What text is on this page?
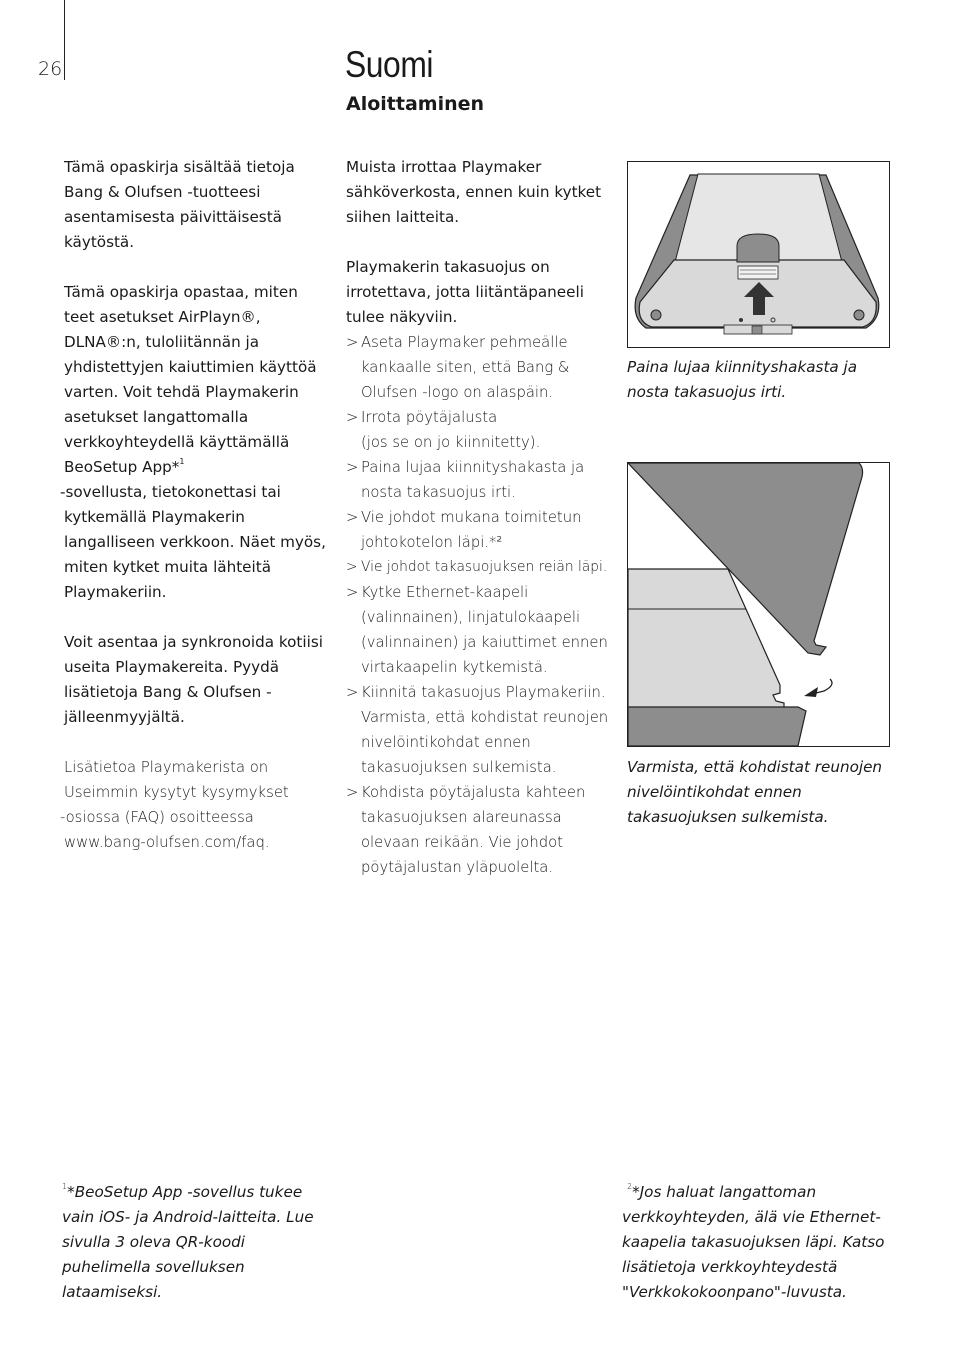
26	Suomi
Aloittaminen

Tämä opaskirja sisältää tietoja Bang & Olufsen -tuotteesi asentamisesta päivittäisestä käytöstä.

Tämä opaskirja opastaa, miten teet asetukset AirPlayn®, DLNA®:n, tuloliitännän ja yhdistettyjen kaiuttimien käyttöä varten. Voit tehdä Playmakerin asetukset langattomalla verkkoyhteydellä käyttämällä BeoSetup App*$^1$
-sovellusta, tietokonettasi tai kytkemällä Playmakerin langalliseen verkkoon. Näet myös, miten kytket muita lähteitä Playmakeriin.

Voit asentaa ja synkronoida kotiisi useita Playmakereita. Pyydä lisätietoja Bang & Olufsen -jälleenmyyjältä.

Lisätietoa Playmakerista on Useimmin kysytyt kysymykset
-osiossa (FAQ) osoitteessa www.bang-olufsen.com/faq.

Muista irrottaa Playmaker sähköverkosta, ennen kuin kytket siihen laitteita.

Playmakerin takasuojus on irrotettava, jotta liitäntäpaneeli tulee näkyviin.

> Aseta Playmaker pehmeälle kankaalle siten, että Bang & Olufsen -logo on alaspäin.
> Irrota pöytäjalusta
(jos se on jo kiinnitetty).
> Paina lujaa kiinnityshakasta ja nosta takasuojus irti.
> Vie johdot mukana toimitetun johtokotelon läpi.*²
> Vie johdot takasuojuksen reiän läpi.
> Kytke Ethernet-kaapeli (valinnainen), linjatulokaapeli (valinnainen) ja kaiuttimet ennen virtakaapelin kytkemistä.
> Kiinnitä takasuojus Playmakeriin. Varmista, että kohdistat reunojen nivelöintikohdat ennen takasuojuksen sulkemista.
> Kohdista pöytäjalusta kahteen takasuojuksen alareunassa olevaan reikään. Vie johdot pöytäjalustan yläpuolelta.
Paina lujaa kiinnityshakasta ja nosta takasuojus irti.
Varmista, että kohdistat reunojen nivelöintikohdat ennen takasuojuksen sulkemista.
$^1$*BeoSetup App -sovellus tukee vain iOS- ja Android-laitteita. Lue sivulla 3 oleva QR-koodi puhelimella sovelluksen lataamiseksi.
$^2$*Jos haluat langattoman verkkoyhteyden, älä vie Ethernet-kaapelia takasuojuksen läpi. Katso lisätietoja verkkoyhteydestä
"Verkkokokoonpano"-luvusta.
